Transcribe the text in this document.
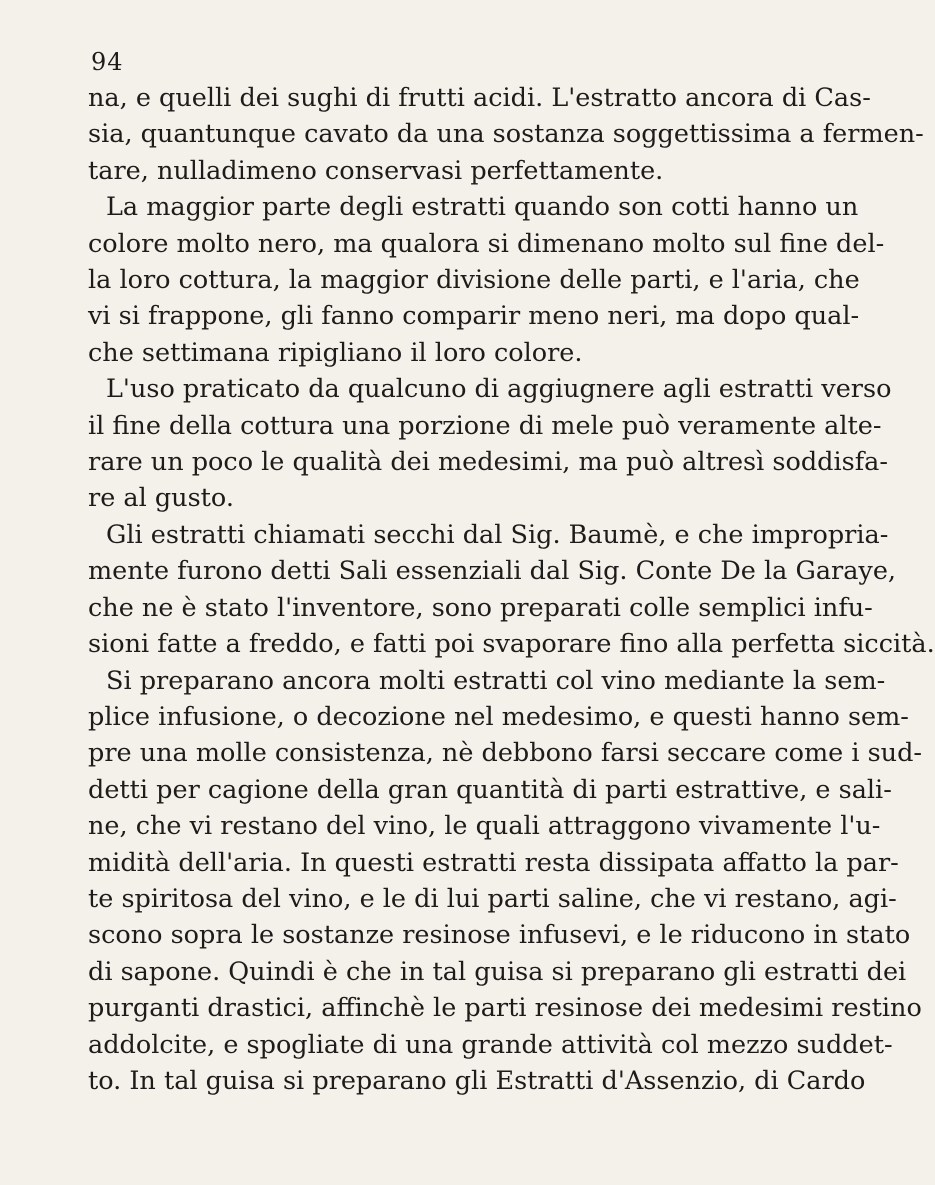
94
na, e quelli dei sughi di frutti acidi. L'estratto ancora di Cas-
sia, quantunque cavato da una sostanza soggettissima a fermen-
tare, nulladimeno conservasi perfettamente.
La maggior parte degli estratti quando son cotti hanno un
colore molto nero, ma qualora si dimenano molto sul fine del-
la loro cottura, la maggior divisione delle parti, e l'aria, che
vi si frappone, gli fanno comparir meno neri, ma dopo qual-
che settimana ripigliano il loro colore.
L'uso praticato da qualcuno di aggiugnere agli estratti verso
il fine della cottura una porzione di mele può veramente alte-
rare un poco le qualità dei medesimi, ma può altresì soddisfa-
re al gusto.
Gli estratti chiamati secchi dal Sig. Baumè, e che impropria-
mente furono detti Sali essenziali dal Sig. Conte De la Garaye,
che ne è stato l'inventore, sono preparati colle semplici infu-
sioni fatte a freddo, e fatti poi svaporare fino alla perfetta siccità.
Si preparano ancora molti estratti col vino mediante la sem-
plice infusione, o decozione nel medesimo, e questi hanno sem-
pre una molle consistenza, nè debbono farsi seccare come i sud-
detti per cagione della gran quantità di parti estrattive, e sali-
ne, che vi restano del vino, le quali attraggono vivamente l'u-
midità dell'aria. In questi estratti resta dissipata affatto la par-
te spiritosa del vino, e le di lui parti saline, che vi restano, agi-
scono sopra le sostanze resinose infusevi, e le riducono in stato
di sapone. Quindi è che in tal guisa si preparano gli estratti dei
purganti drastici, affinchè le parti resinose dei medesimi restino
addolcite, e spogliate di una grande attività col mezzo suddet-
to. In tal guisa si preparano gli Estratti d'Assenzio, di Cardo
